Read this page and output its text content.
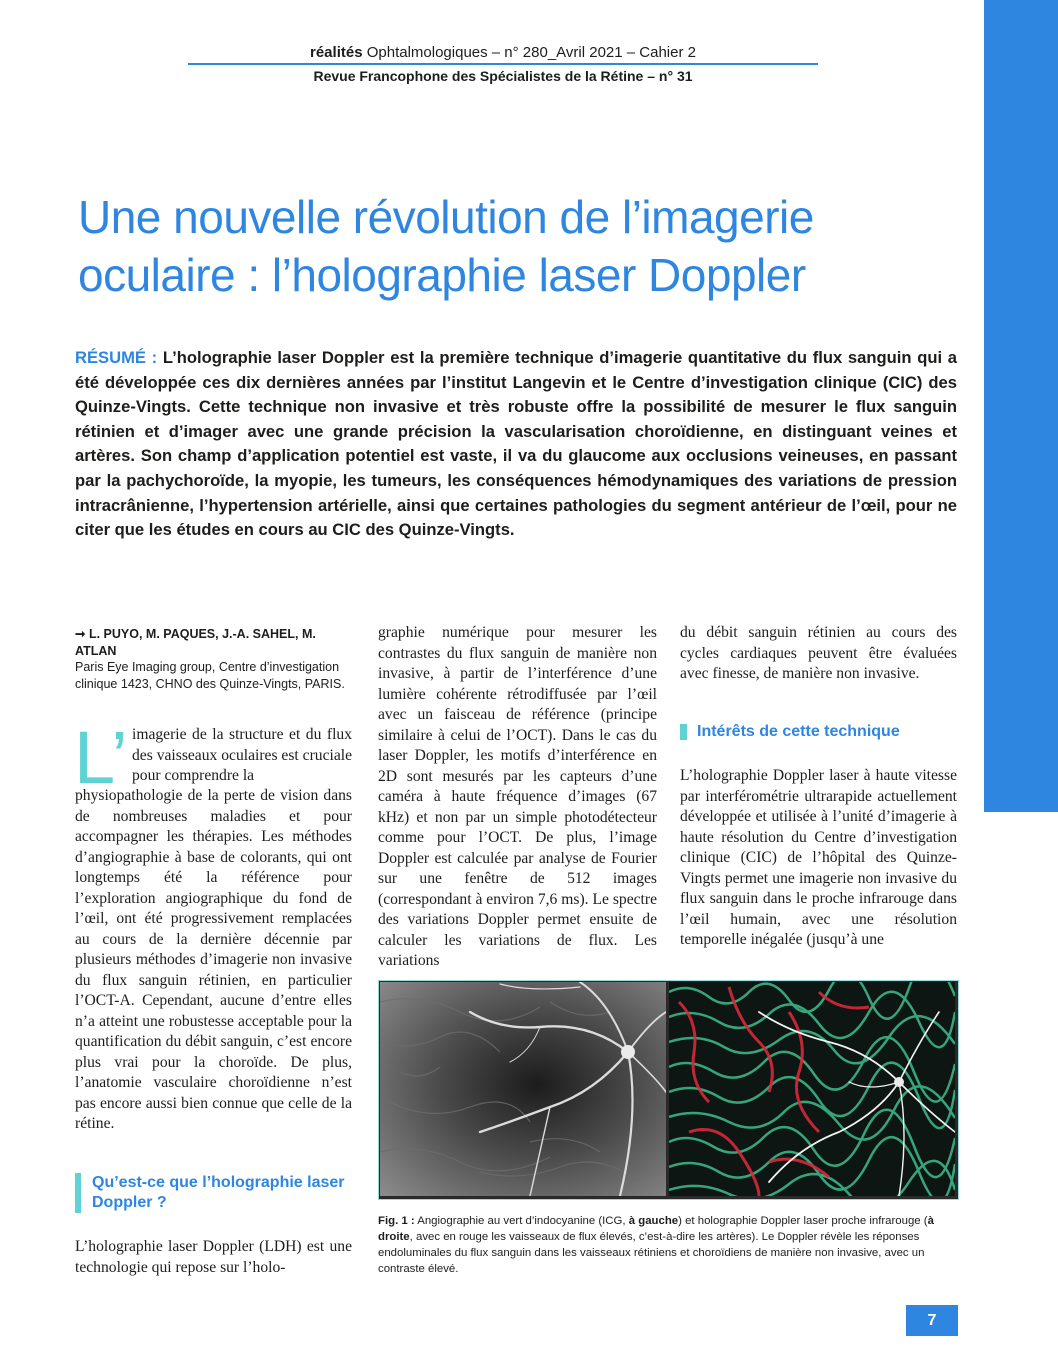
réalités Ophtalmologiques – n° 280_Avril 2021 – Cahier 2
Revue Francophone des Spécialistes de la Rétine – n° 31
Une nouvelle révolution de l’imagerie
oculaire : l’holographie laser Doppler
RÉSUMÉ : L’holographie laser Doppler est la première technique d’imagerie quantitative du flux sanguin qui a été développée ces dix dernières années par l’institut Langevin et le Centre d’investigation clinique (CIC) des Quinze-Vingts. Cette technique non invasive et très robuste offre la possibilité de mesurer le flux sanguin rétinien et d’imager avec une grande précision la vascularisation choroïdienne, en distinguant veines et artères. Son champ d’application potentiel est vaste, il va du glaucome aux occlusions veineuses, en passant par la pachychoroïde, la myopie, les tumeurs, les conséquences hémodynamiques des variations de pression intracrânienne, l’hypertension artérielle, ainsi que certaines pathologies du segment antérieur de l’œil, pour ne citer que les études en cours au CIC des Quinze-Vingts.
➞ L. PUYO, M. PAQUES, J.-A. SAHEL, M. ATLAN
Paris Eye Imaging group, Centre d’investigation clinique 1423, CHNO des Quinze-Vingts, PARIS.
L’ imagerie de la structure et du flux des vaisseaux oculaires est cruciale pour comprendre la
physiopathologie de la perte de vision dans de nombreuses maladies et pour accompagner les thérapies. Les méthodes d’angiographie à base de colorants, qui ont longtemps été la référence pour l’exploration angiographique du fond de l’œil, ont été progressivement remplacées au cours de la dernière décennie par plusieurs méthodes d’imagerie non invasive du flux sanguin rétinien, en particulier l’OCT-A. Cependant, aucune d’entre elles n’a atteint une robustesse acceptable pour la quantification du débit sanguin, c’est encore plus vrai pour la choroïde. De plus, l’anatomie vasculaire choroïdienne n’est pas encore aussi bien connue que celle de la rétine.
Qu’est-ce que l’holographie laser Doppler ?
L’holographie laser Doppler (LDH) est une technologie qui repose sur l’holo-
graphie numérique pour mesurer les contrastes du flux sanguin de manière non invasive, à partir de l’interférence d’une lumière cohérente rétrodiffusée par l’œil avec un faisceau de référence (principe similaire à celui de l’OCT). Dans le cas du laser Doppler, les motifs d’interférence en 2D sont mesurés par les capteurs d’une caméra à haute fréquence d’images (67 kHz) et non par un simple photodétecteur comme pour l’OCT. De plus, l’image Doppler est calculée par analyse de Fourier sur une fenêtre de 512 images (correspondant à environ 7,6 ms). Le spectre des variations Doppler permet ensuite de calculer les variations de flux. Les variations
du débit sanguin rétinien au cours des cycles cardiaques peuvent être évaluées avec finesse, de manière non invasive.
Intérêts de cette technique
L’holographie Doppler laser à haute vitesse par interférométrie ultrarapide actuellement développée et utilisée à l’unité d’imagerie à haute résolution du Centre d’investigation clinique (CIC) de l’hôpital des Quinze-Vingts permet une imagerie non invasive du flux sanguin dans le proche infrarouge dans l’œil humain, avec une résolution temporelle inégalée (jusqu’à une
Fig. 1 : Angiographie au vert d’indocyanine (ICG, à gauche) et holographie Doppler laser proche infrarouge (à droite, avec en rouge les vaisseaux de flux élevés, c’est-à-dire les artères). Le Doppler révèle les réponses endoluminales du flux sanguin dans les vaisseaux rétiniens et choroïdiens de manière non invasive, avec un contraste élevé.
7
